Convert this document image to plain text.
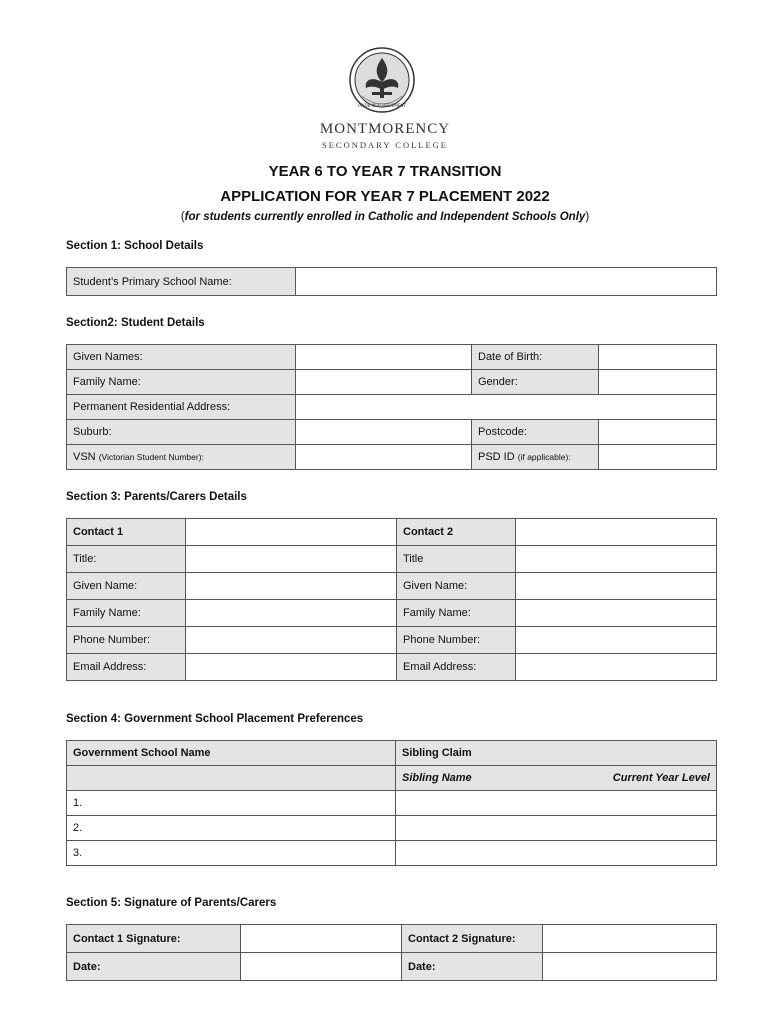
PRIDE IN ACHIEVEMENT
MONTMORENCY
SECONDARY COLLEGE
YEAR 6 TO YEAR 7 TRANSITION
APPLICATION FOR YEAR 7 PLACEMENT 2022
(for students currently enrolled in Catholic and Independent Schools Only)
Section 1: School Details
Student’s Primary School Name:	
Section2: Student Details
Given Names:		Date of Birth:	
Family Name:		Gender:	
Permanent Residential Address:			
Suburb:		Postcode:	
VSN (Victorian Student Number):		PSD ID (if applicable):	
Section 3: Parents/Carers Details
Contact 1		Contact 2	
Title:		Title	
Given Name:		Given Name:	
Family Name:		Family Name:	
Phone Number:		Phone Number:	
Email Address:		Email Address:	
Section 4: Government School Placement Preferences
Government School Name	Sibling Claim
	Sibling Name Current Year Level

1.	
2.	
3.	
Section 5: Signature of Parents/Carers
Contact 1 Signature:		Contact 2 Signature:	
Date:		Date:	
